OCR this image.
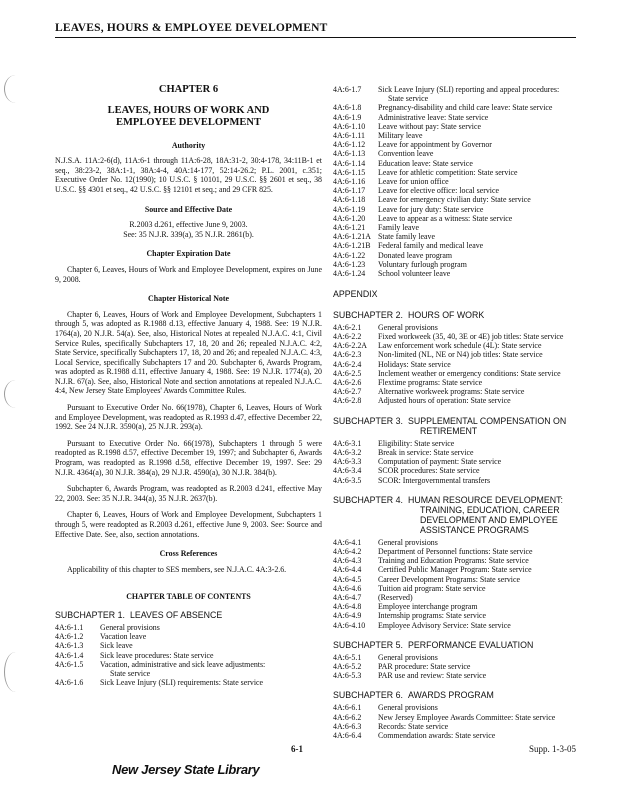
LEAVES, HOURS & EMPLOYEE DEVELOPMENT
CHAPTER 6
LEAVES, HOURS OF WORK AND EMPLOYEE DEVELOPMENT
Authority

N.J.S.A. 11A:2-6(d), 11A:6-1 through 11A:6-28, 18A:31-2, 30:4-178, 34:11B-1 et seq., 38:23-2, 38A:1-1, 38A:4-4, 40A:14-177, 52:14-26.2; P.L. 2001, c.351; Executive Order No. 12(1990); 10 U.S.C. § 10101, 29 U.S.C. §§ 2601 et seq., 38 U.S.C. §§ 4301 et seq., 42 U.S.C. §§ 12101 et seq.; and 29 CFR 825.

Source and Effective Date

R.2003 d.261, effective June 9, 2003.
See: 35 N.J.R. 339(a), 35 N.J.R. 2861(b).

Chapter Expiration Date

Chapter 6, Leaves, Hours of Work and Employee Development, expires on June 9, 2008.

Chapter Historical Note

Chapter 6, Leaves, Hours of Work and Employee Development, Subchapters 1 through 5, was adopted as R.1988 d.13, effective January 4, 1988. See: 19 N.J.R. 1764(a), 20 N.J.R. 54(a). See, also, Historical Notes at repealed N.J.A.C. 4:1, Civil Service Rules, specifically Subchapters 17, 18, 20 and 26; repealed N.J.A.C. 4:2, State Service, specifically Subchapters 17, 18, 20 and 26; and repealed N.J.A.C. 4:3, Local Service, specifically Subchapters 17 and 20. Subchapter 6, Awards Program, was adopted as R.1988 d.11, effective January 4, 1988. See: 19 N.J.R. 1774(a), 20 N.J.R. 67(a). See, also, Historical Note and section annotations at repealed N.J.A.C. 4:4, New Jersey State Employees' Awards Committee Rules.

Pursuant to Executive Order No. 66(1978), Chapter 6, Leaves, Hours of Work and Employee Development, was readopted as R.1993 d.47, effective December 22, 1992. See 24 N.J.R. 3590(a), 25 N.J.R. 293(a).

Pursuant to Executive Order No. 66(1978), Subchapters 1 through 5 were readopted as R.1998 d.57, effective December 19, 1997; and Subchapter 6, Awards Program, was readopted as R.1998 d.58, effective December 19, 1997. See: 29 N.J.R. 4364(a), 30 N.J.R. 384(a), 29 N.J.R. 4590(a), 30 N.J.R. 384(b).

Subchapter 6, Awards Program, was readopted as R.2003 d.241, effective May 22, 2003. See: 35 N.J.R. 344(a), 35 N.J.R. 2637(b).

Chapter 6, Leaves, Hours of Work and Employee Development, Subchapters 1 through 5, were readopted as R.2003 d.261, effective June 9, 2003. See: Source and Effective Date. See, also, section annotations.

Cross References

Applicability of this chapter to SES members, see N.J.A.C. 4A:3-2.6.

CHAPTER TABLE OF CONTENTS
SUBCHAPTER 1. LEAVES OF ABSENCE
4A:6-1.1	General provisions
4A:6-1.2	Vacation leave
4A:6-1.3	Sick leave
4A:6-1.4	Sick leave procedures: State service
4A:6-1.5	Vacation, administrative and sick leave adjustments:
State service
4A:6-1.6	Sick Leave Injury (SLI) requirements: State service
4A:6-1.7	Sick Leave Injury (SLI) reporting and appeal procedures:
State service
4A:6-1.8	Pregnancy-disability and child care leave: State service
4A:6-1.9	Administrative leave: State service
4A:6-1.10	Leave without pay: State service
4A:6-1.11	Military leave
4A:6-1.12	Leave for appointment by Governor
4A:6-1.13	Convention leave
4A:6-1.14	Education leave: State service
4A:6-1.15	Leave for athletic competition: State service
4A:6-1.16	Leave for union office
4A:6-1.17	Leave for elective office: local service
4A:6-1.18	Leave for emergency civilian duty: State service
4A:6-1.19	Leave for jury duty: State service
4A:6-1.20	Leave to appear as a witness: State service
4A:6-1.21	Family leave
4A:6-1.21A State family leave
4A:6-1.21B Federal family and medical leave
4A:6-1.22	Donated leave program
4A:6-1.23	Voluntary furlough program
4A:6-1.24	School volunteer leave
APPENDIX
SUBCHAPTER 2. HOURS OF WORK
4A:6-2.1	General provisions
4A:6-2.2	Fixed workweek (35, 40, 3E or 4E) job titles: State service
4A:6-2.2A	Law enforcement work schedule (4L): State service
4A:6-2.3	Non-limited (NL, NE or N4) job titles: State service
4A:6-2.4	Holidays: State service
4A:6-2.5	Inclement weather or emergency conditions: State service
4A:6-2.6	Flextime programs: State service
4A:6-2.7	Alternative workweek programs: State service
4A:6-2.8	Adjusted hours of operation: State service
SUBCHAPTER 3. SUPPLEMENTAL COMPENSATION ON RETIREMENT
4A:6-3.1	Eligibility: State service
4A:6-3.2	Break in service: State service
4A:6-3.3	Computation of payment: State service
4A:6-3.4	SCOR procedures: State service
4A:6-3.5	SCOR: Intergovernmental transfers
SUBCHAPTER 4. HUMAN RESOURCE DEVELOPMENT: TRAINING, EDUCATION, CAREER DEVELOPMENT AND EMPLOYEE ASSISTANCE PROGRAMS
4A:6-4.1	General provisions
4A:6-4.2	Department of Personnel functions: State service
4A:6-4.3	Training and Education Programs: State service
4A:6-4.4	Certified Public Manager Program: State service
4A:6-4.5	Career Development Programs: State service
4A:6-4.6	Tuition aid program: State service
4A:6-4.7	(Reserved)
4A:6-4.8	Employee interchange program
4A:6-4.9	Internship programs: State service
4A:6-4.10	Employee Advisory Service: State service
SUBCHAPTER 5. PERFORMANCE EVALUATION
4A:6-5.1	General provisions
4A:6-5.2	PAR procedure: State service
4A:6-5.3	PAR use and review: State service
SUBCHAPTER 6. AWARDS PROGRAM
4A:6-6.1	General provisions
4A:6-6.2	New Jersey Employee Awards Committee: State service
4A:6-6.3	Records: State service
4A:6-6.4	Commendation awards: State service
6-1	Supp. 1-3-05
New Jersey State Library
